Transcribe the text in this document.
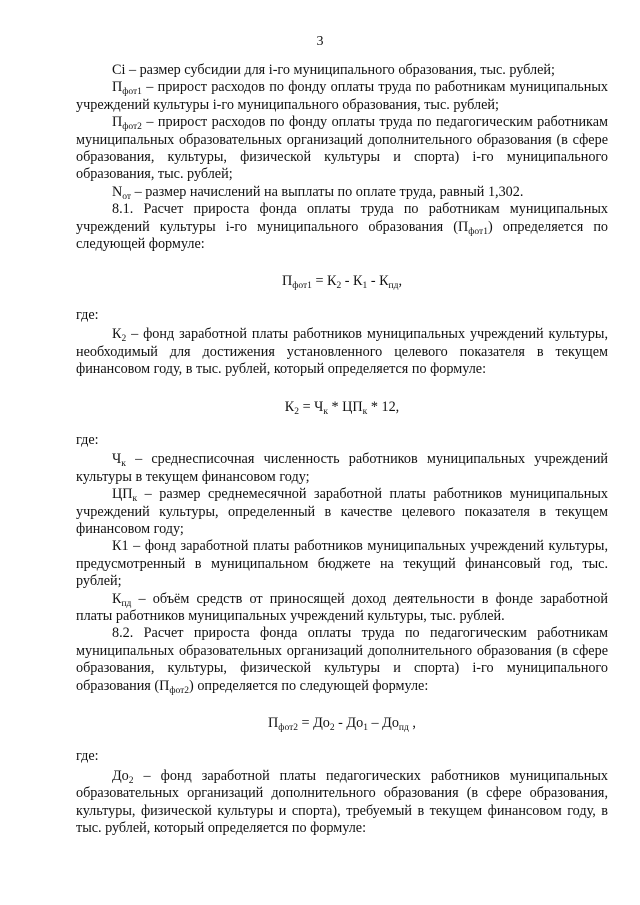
3

Ci – размер субсидии для i-го муниципального образования, тыс. рублей;

$П_{фот1}$ – прирост расходов по фонду оплаты труда по работникам муниципальных учреждений культуры i-го муниципального образования, тыс. рублей;

$П_{фот2}$ – прирост расходов по фонду оплаты труда по педагогическим работникам муниципальных образовательных организаций дополнительного образования (в сфере образования, культуры, физической культуры и спорта) i-го муниципального образования, тыс. рублей;

$N_{от}$ – размер начислений на выплаты по оплате труда, равный 1,302.

8.1. Расчет прироста фонда оплаты труда по работникам муниципальных учреждений культуры i-го муниципального образования $(П_{фот1})$ определяется по следующей формуле:

$П_{фот1} = К_2 - К_1 - К_{пд}$,

где:

$К_2$ – фонд заработной платы работников муниципальных учреждений культуры, необходимый для достижения установленного целевого показателя в текущем финансовом году, в тыс. рублей, который определяется по формуле:

$К_2 = Ч_к * ЦП_к * 12$,

где:

$Ч_к$ – среднесписочная численность работников муниципальных учреждений культуры в текущем финансовом году;

$ЦП_к$ – размер среднемесячной заработной платы работников муниципальных учреждений культуры, определенный в качестве целевого показателя в текущем финансовом году;

К1 – фонд заработной платы работников муниципальных учреждений культуры, предусмотренный в муниципальном бюджете на текущий финансовый год, тыс. рублей;

$К_{пд}$ – объём средств от приносящей доход деятельности в фонде заработной платы работников муниципальных учреждений культуры, тыс. рублей.

8.2. Расчет прироста фонда оплаты труда по педагогическим работникам муниципальных образовательных организаций дополнительного образования (в сфере образования, культуры, физической культуры и спорта) i-го муниципального образования $(П_{фот2})$ определяется по следующей формуле:

$П_{фот2} = До_2 - До_1 - До_{пд}$ ,

где:

$До_2$ – фонд заработной платы педагогических работников муниципальных образовательных организаций дополнительного образования (в сфере образования, культуры, физической культуры и спорта), требуемый в текущем финансовом году, в тыс. рублей, который определяется по формуле:
